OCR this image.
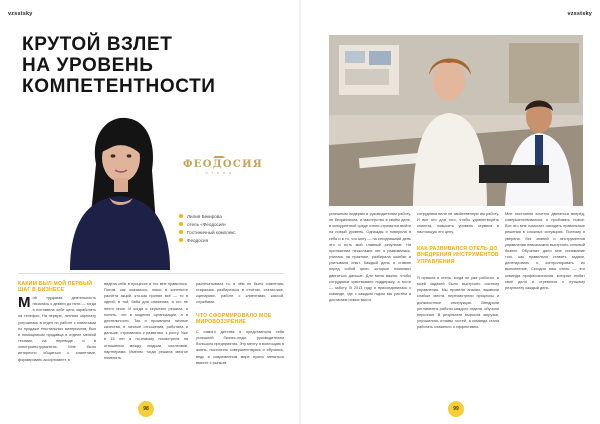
vzsstsky	vzsstsky
КРУТОЙ ВЗЛЕТ
НА УРОВЕНЬ
КОМПЕТЕНТНОСТИ
ФЕОДОСИЯ
о т е л ь
Лилия Бекирова
отель «Феодосия»
Гостиничный комплекс
Феодосия
КАКИМ БЫЛ МОЙ ПЕРВЫЙ ШАГ В БИЗНЕСЕ
Мой трудовая деятельность началась с девяти до пяти — тогда я поставила себе цель заработать на телефон. На первую, летнюю зарплату устроилась в отдел по работе с клиентами по продаже текстильных материалов, был и помощником продавца в отделе мелкой техники, на переводе и в электроинструментах. Мне было интересно общаться с клиентами, формировать ассортимент, я
видела себя в процессе и это мне нравилось. Потом, как оказалось, лишь в контексте расчёта акций, кто-как принял всё — то в одной, в той, баба для снижения, а кто не нечто иное. И когда я серьезно решила, я понять, что в моделях организации, а в деятельности. Так я проявляла личные качества, в личные отношения, работала и дальше, стремилась к развитию, к росту. Уже в 15 лет я по-новому посмотрела на отношения между людьми, коллегами, партнёрами. Именно тогда решила многое поменять.
распечатывала то, в чём не было сомнения, старалась разбираться в отчётах, статистике, сценариях, работе с клиентами, кассой, службами.
ЧТО СФОРМИРОВАЛО МОЕ МИРОВОЗЗРЕНИЕ
С самого детства я представляла себя успешной бизнес-леди, руководителем большого предприятия. Эту мечту я воплощаю в жизнь, постоянно совершенствуясь и обучаясь, ведь в современном мире нужно меняться вместе с рынком.
успешным лидерам и руководителям работу, не безразлична, и мастерство в своём деле, в конкурентной среде отели стремятся выйти на новый уровень. Однажды я поверила в себя и в то, что могу — на сегодняшний день это и есть мой главный результат. На протяжении нескольких лет я развивалась, училась на практике, разбирала ошибки и учитывала опыт. Каждый день я ставлю перед собой цели, которые помогают двигаться дальше. Для меня важно, чтобы сотрудники чувствовали поддержку, а гости — заботу. В 2013 году я присоединилась к команде, где с каждым годом мы растём и достигаем новых высот.
сотрудники вели не свойственную им работу. И все это для того, чтобы удовлетворить клиента, повысить уровень сервиса и настоящую его цену.
КАК РАЗВИВАЛСЯ ОТЕЛЬ ДО ВНЕДРЕНИЯ ИНСТРУМЕНТОВ УПРАВЛЕНИЯ
Я пришла в отель, когда он уже работал, и моей задачей было выстроить систему управления. Мы провели анализ, выявили слабые места, пересмотрели процессы и должностные инструкции. Внедрили регламенты работы каждого отдела, обучили персонал. В результате выросла загрузка, улучшились отзывы гостей, а команда стала работать слаженно и эффективно.
Мне постоянно хочется двигаться вперёд, совершенствоваться и пробовать новое. Все это мне помогает находить правильные решения в сложных ситуациях. Поэтому я уверена: без знаний и инструментов управления невозможно выстроить сильный бизнес. Обучение дало мне понимание того, как правильно ставить задачи, делегировать и контролировать их выполнение. Сегодня наш отель — это команда профессионалов, которые любят своё дело и стремятся к лучшему результату каждый день.
98	99
